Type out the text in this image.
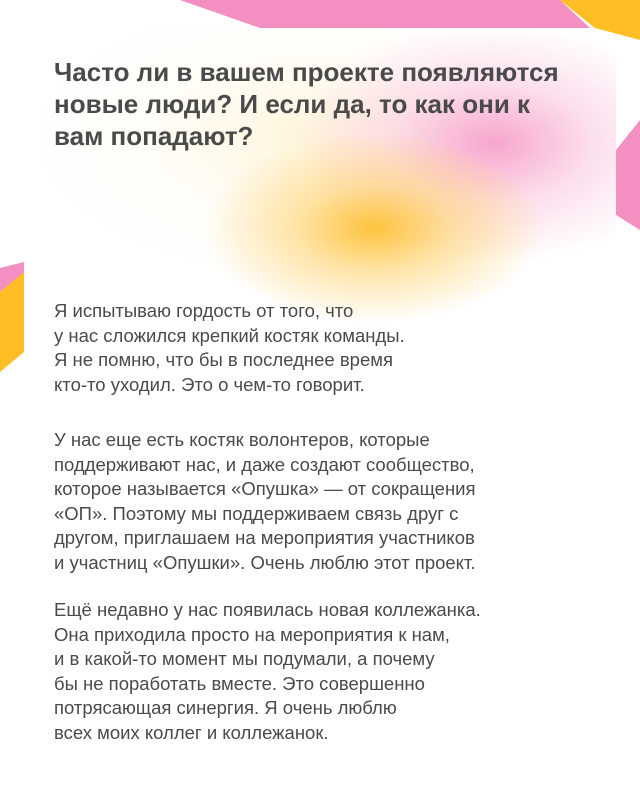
Часто ли в вашем проекте появляются новые люди? И если да, то как они к вам попадают?

Я испытываю гордость от того, что
у нас сложился крепкий костяк команды.
Я не помню, что бы в последнее время
кто-то уходил. Это о чем-то говорит.

У нас еще есть костяк волонтеров, которые
поддерживают нас, и даже создают сообщество,
которое называется «Опушка» — от сокращения
«ОП». Поэтому мы поддерживаем связь друг с
другом, приглашаем на мероприятия участников
и участниц «Опушки». Очень люблю этот проект.

Ещё недавно у нас появилась новая коллежанка.
Она приходила просто на мероприятия к нам,
и в какой-то момент мы подумали, а почему
бы не поработать вместе. Это совершенно
потрясающая синергия. Я очень люблю
всех моих коллег и коллежанок.
